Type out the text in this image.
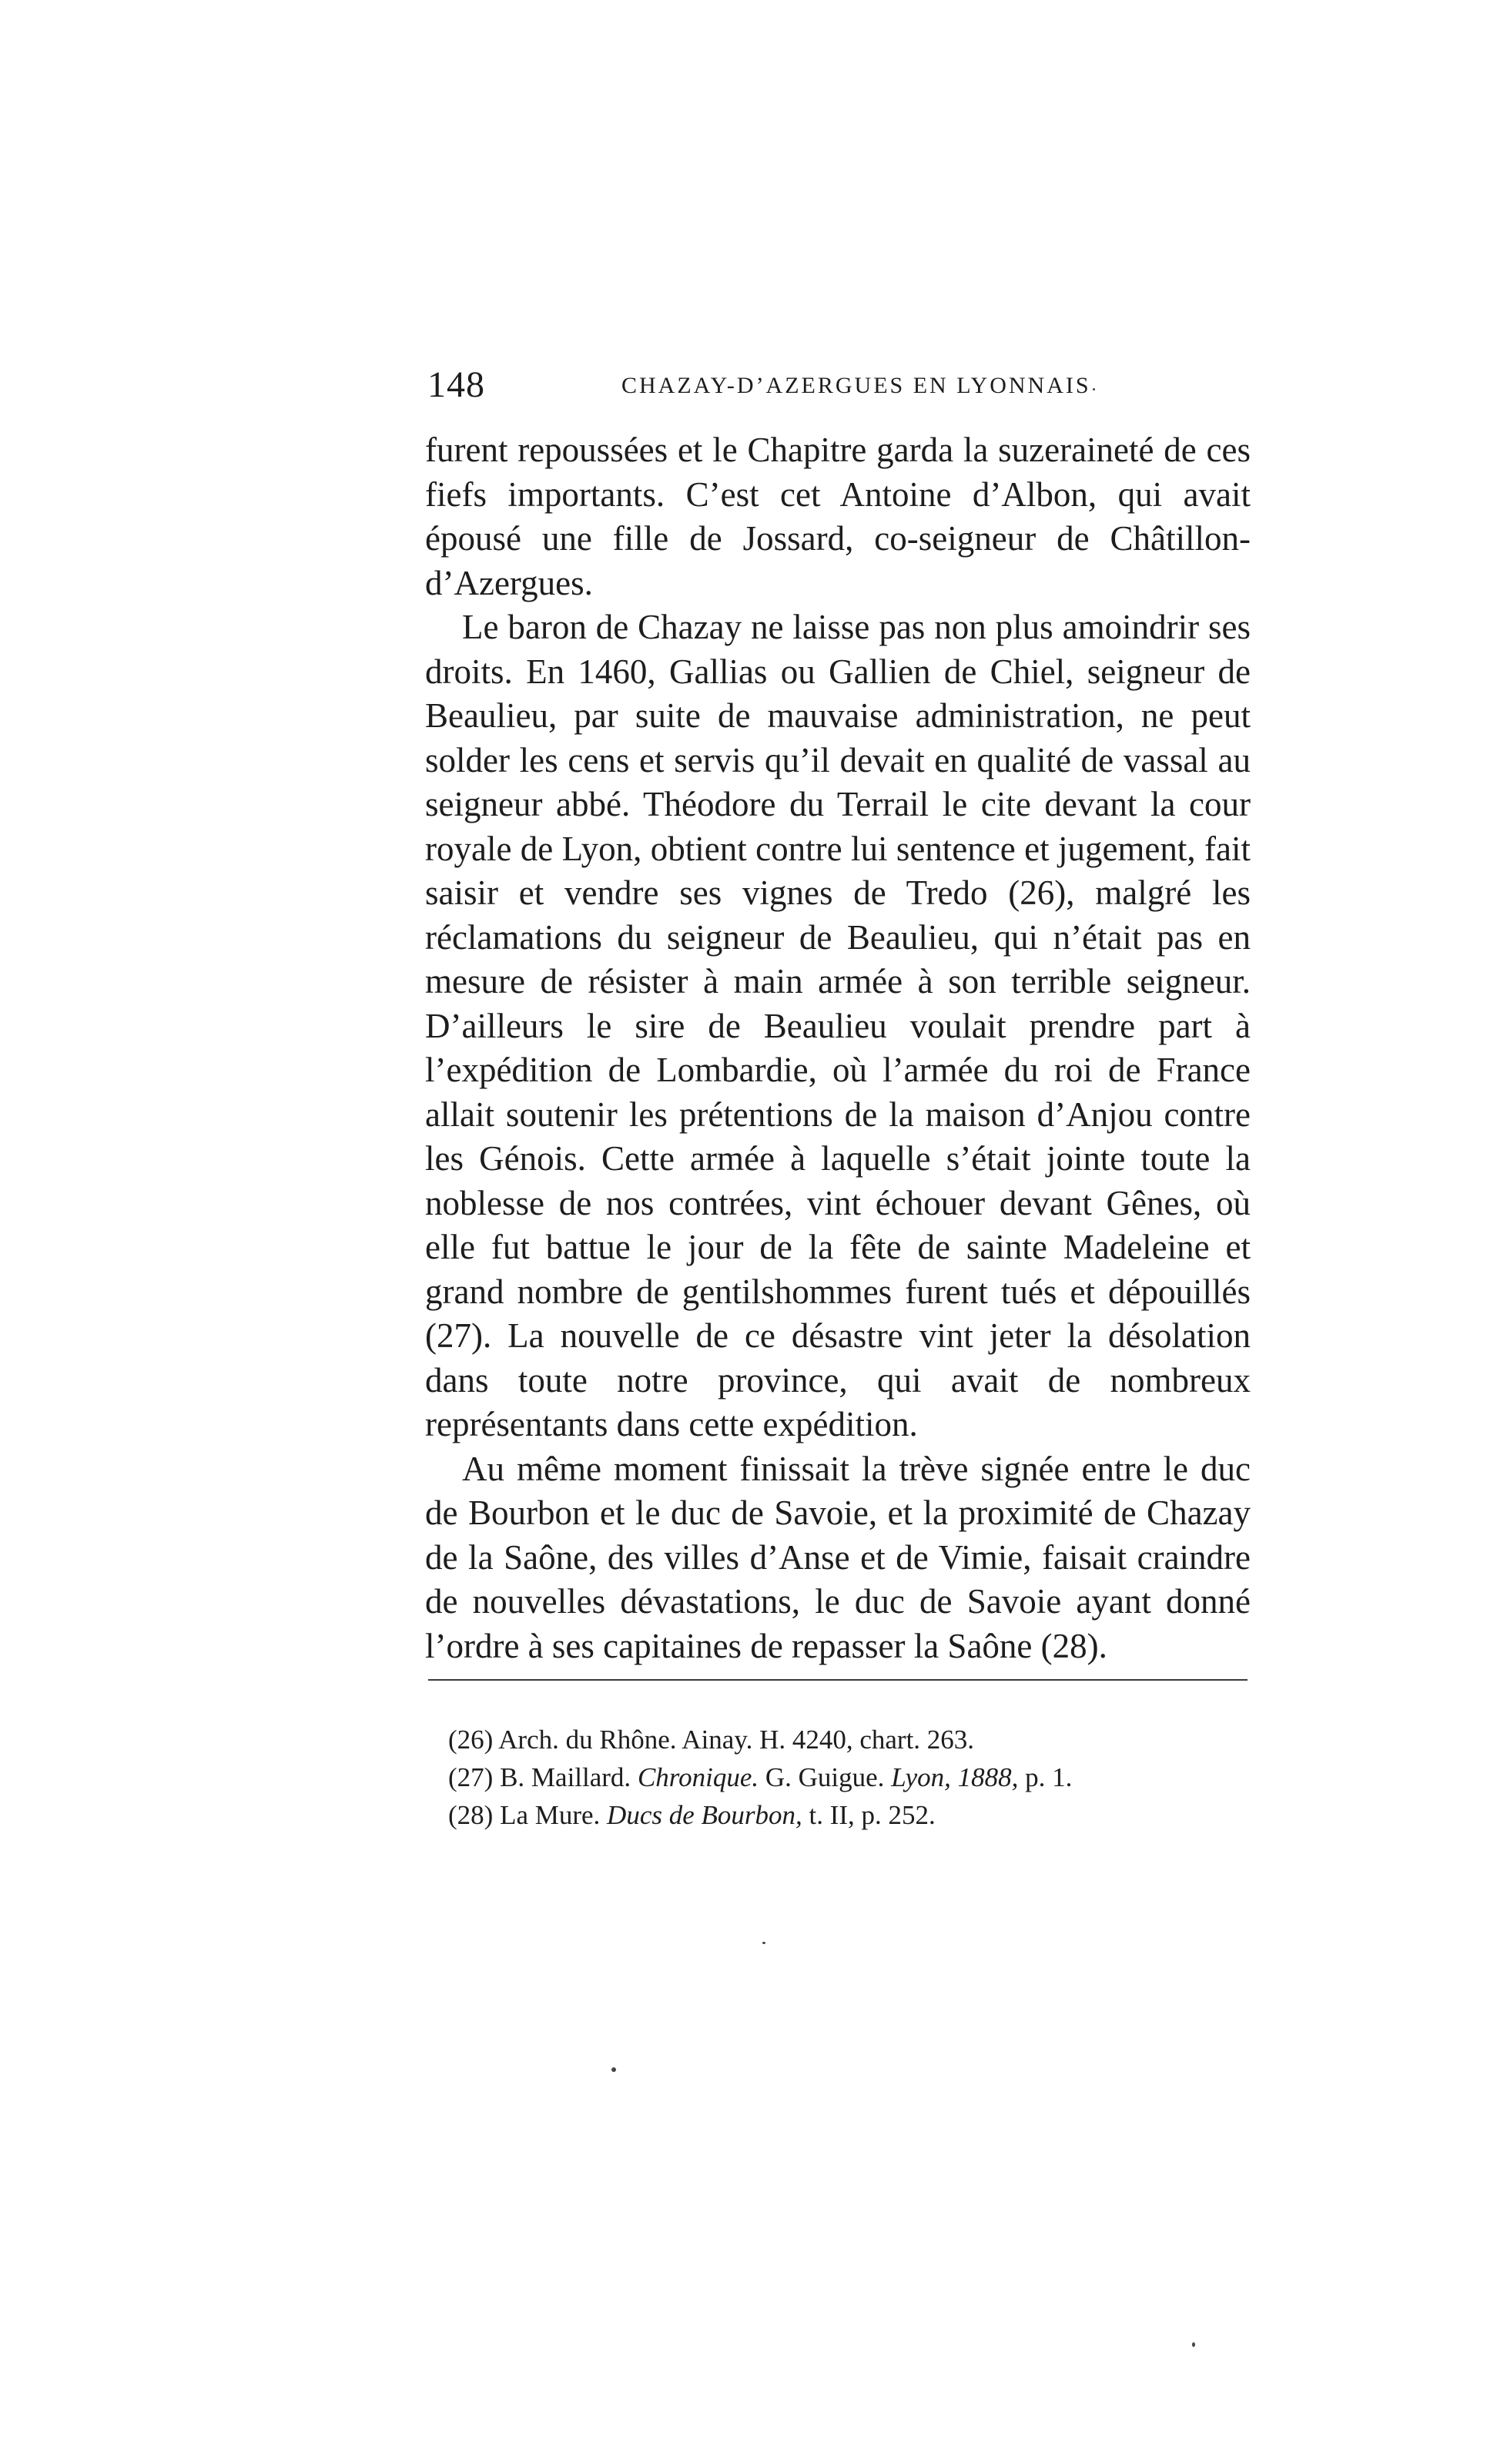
148	CHAZAY-D’AZERGUES EN LYONNAIS

furent repoussées et le Chapitre garda la suzeraineté de ces fiefs importants. C’est cet Antoine d’Albon, qui avait épousé une fille de Jossard, co-seigneur de Châtillon-d’Azergues.

Le baron de Chazay ne laisse pas non plus amoindrir ses droits. En 1460, Gallias ou Gallien de Chiel, seigneur de Beaulieu, par suite de mauvaise administration, ne peut solder les cens et servis qu’il devait en qualité de vassal au seigneur abbé. Théodore du Terrail le cite devant la cour royale de Lyon, obtient contre lui sentence et jugement, fait saisir et vendre ses vignes de Tredo (26), malgré les réclamations du seigneur de Beaulieu, qui n’était pas en mesure de résister à main armée à son terrible seigneur. D’ailleurs le sire de Beaulieu voulait prendre part à l’expédition de Lombardie, où l’armée du roi de France allait soutenir les prétentions de la maison d’Anjou contre les Génois. Cette armée à laquelle s’était jointe toute la noblesse de nos contrées, vint échouer devant Gênes, où elle fut battue le jour de la fête de sainte Madeleine et grand nombre de gentilshommes furent tués et dépouillés (27). La nouvelle de ce désastre vint jeter la désolation dans toute notre province, qui avait de nombreux représentants dans cette expédition.

Au même moment finissait la trève signée entre le duc de Bourbon et le duc de Savoie, et la proximité de Chazay de la Saône, des villes d’Anse et de Vimie, faisait craindre de nouvelles dévastations, le duc de Savoie ayant donné l’ordre à ses capitaines de repasser la Saône (28).

(26) Arch. du Rhône. Ainay. H. 4240, chart. 263.
(27) B. Maillard. Chronique. G. Guigue. Lyon, 1888, p. 1.
(28) La Mure. Ducs de Bourbon, t. II, p. 252.
